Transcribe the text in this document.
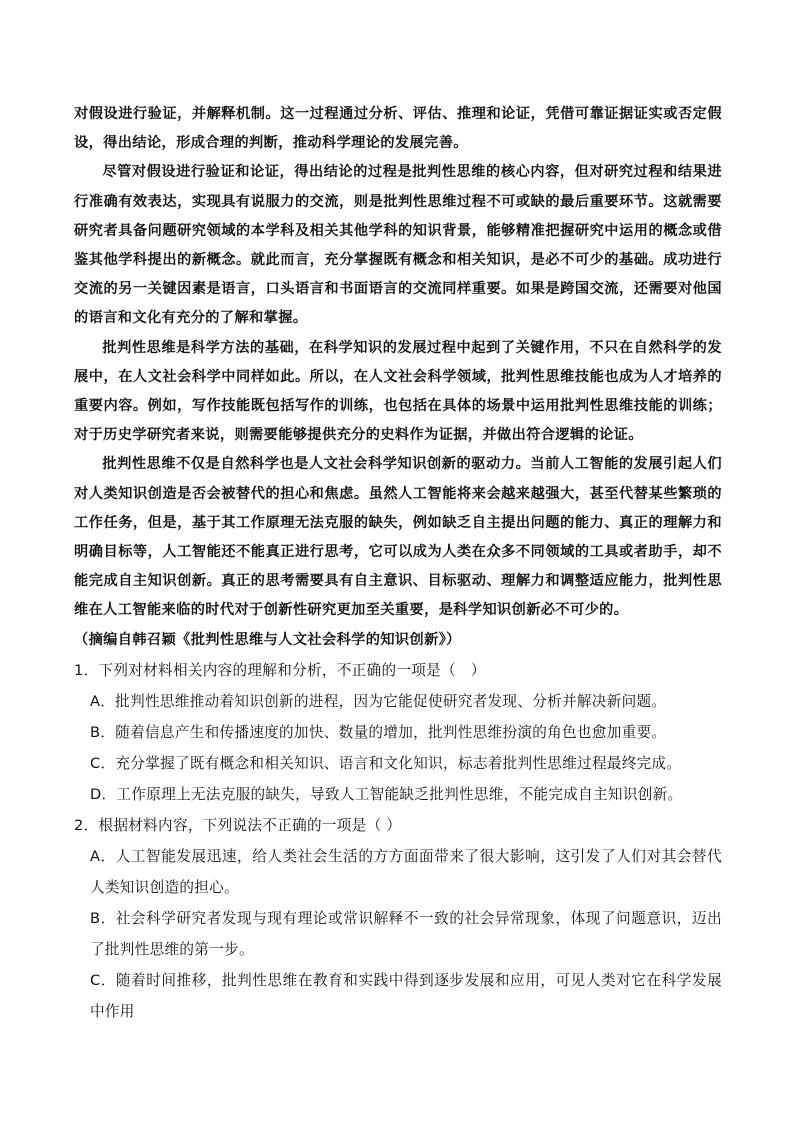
对假设进行验证，并解释机制。这一过程通过分析、评估、推理和论证，凭借可靠证据证实或否定假设，得出结论，形成合理的判断，推动科学理论的发展完善。

尽管对假设进行验证和论证，得出结论的过程是批判性思维的核心内容，但对研究过程和结果进行准确有效表达，实现具有说服力的交流，则是批判性思维过程不可或缺的最后重要环节。这就需要研究者具备问题研究领域的本学科及相关其他学科的知识背景，能够精准把握研究中运用的概念或借鉴其他学科提出的新概念。就此而言，充分掌握既有概念和相关知识，是必不可少的基础。成功进行交流的另一关键因素是语言，口头语言和书面语言的交流同样重要。如果是跨国交流，还需要对他国的语言和文化有充分的了解和掌握。

批判性思维是科学方法的基础，在科学知识的发展过程中起到了关键作用，不只在自然科学的发展中，在人文社会科学中同样如此。所以，在人文社会科学领域，批判性思维技能也成为人才培养的重要内容。例如，写作技能既包括写作的训练，也包括在具体的场景中运用批判性思维技能的训练；对于历史学研究者来说，则需要能够提供充分的史料作为证据，并做出符合逻辑的论证。

批判性思维不仅是自然科学也是人文社会科学知识创新的驱动力。当前人工智能的发展引起人们对人类知识创造是否会被替代的担心和焦虑。虽然人工智能将来会越来越强大，甚至代替某些繁琐的工作任务，但是，基于其工作原理无法克服的缺失，例如缺乏自主提出问题的能力、真正的理解力和明确目标等，人工智能还不能真正进行思考，它可以成为人类在众多不同领域的工具或者助手，却不能完成自主知识创新。真正的思考需要具有自主意识、目标驱动、理解力和调整适应能力，批判性思维在人工智能来临的时代对于创新性研究更加至关重要，是科学知识创新必不可少的。

（摘编自韩召颖《批判性思维与人文社会科学的知识创新》）

1．下列对材料相关内容的理解和分析，不正确的一项是（　）

A．批判性思维推动着知识创新的进程，因为它能促使研究者发现、分析并解决新问题。

B．随着信息产生和传播速度的加快、数量的增加，批判性思维扮演的角色也愈加重要。

C．充分掌握了既有概念和相关知识、语言和文化知识，标志着批判性思维过程最终完成。

D．工作原理上无法克服的缺失，导致人工智能缺乏批判性思维，不能完成自主知识创新。

2．根据材料内容，下列说法不正确的一项是（ ）

A．人工智能发展迅速，给人类社会生活的方方面面带来了很大影响，这引发了人们对其会替代人类知识创造的担心。

B．社会科学研究者发现与现有理论或常识解释不一致的社会异常现象，体现了问题意识，迈出了批判性思维的第一步。

C．随着时间推移，批判性思维在教育和实践中得到逐步发展和应用，可见人类对它在科学发展中作用
